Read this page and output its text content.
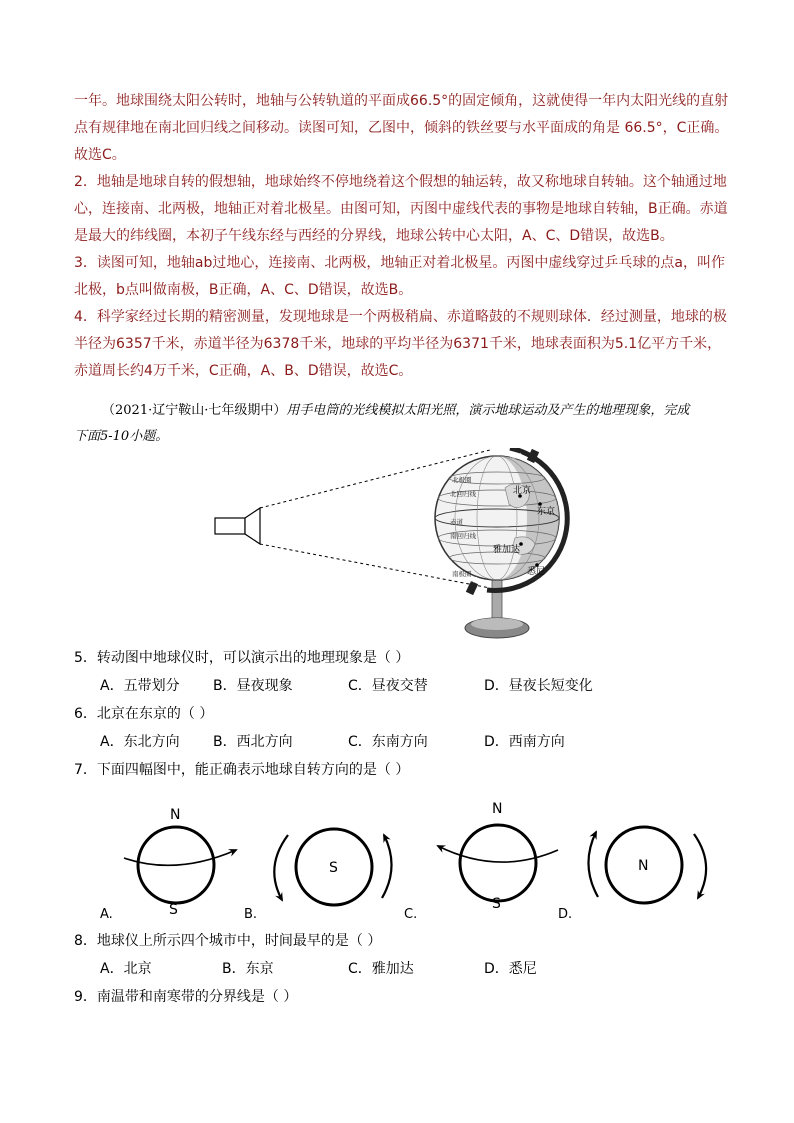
一年。地球围绕太阳公转时，地轴与公转轨道的平面成66.5°的固定倾角，这就使得一年内太阳光线的直射

点有规律地在南北回归线之间移动。读图可知，乙图中，倾斜的铁丝要与水平面成的角是 66.5°，C正确。

故选C。

2．地轴是地球自转的假想轴，地球始终不停地绕着这个假想的轴运转，故又称地球自转轴。这个轴通过地

心，连接南、北两极，地轴正对着北极星。由图可知，丙图中虚线代表的事物是地球自转轴，B正确。赤道

是最大的纬线圈，本初子午线东经与西经的分界线，地球公转中心太阳，A、C、D错误，故选B。

3．读图可知，地轴ab过地心，连接南、北两极，地轴正对着北极星。丙图中虚线穿过乒乓球的点a，叫作

北极，b点叫做南极，B正确，A、C、D错误，故选B。

4．科学家经过长期的精密测量，发现地球是一个两极稍扁、赤道略鼓的不规则球体．经过测量，地球的极

半径为6357千米，赤道半径为6378千米，地球的平均半径为6371千米，地球表面积为5.1亿平方千米，

赤道周长约4万千米，C正确，A、B、D错误，故选C。

（2021·辽宁鞍山·七年级期中）用手电筒的光线模拟太阳光照，演示地球运动及产生的地理现象，完成
下面5-10小题。
北极圈
北回归线
赤道
南回归线
南极圈
北极
南极
北京
东京
雅加达
悉尼
5．转动图中地球仪时，可以演示出的地理现象是（ ）
A．五带划分 B．昼夜现象	C．昼夜交替	D．昼夜长短变化
6．北京在东京的（ ）
A．东北方向 B．西北方向	C．东南方向	D．西南方向
7．下面四幅图中，能正确表示地球自转方向的是（ ）
N
S
A.
S
B.
N
S
C.
N
D.
8．地球仪上所示四个城市中，时间最早的是（ ）
A．北京	B．东京	C．雅加达	D．悉尼
9．南温带和南寒带的分界线是（ ）
